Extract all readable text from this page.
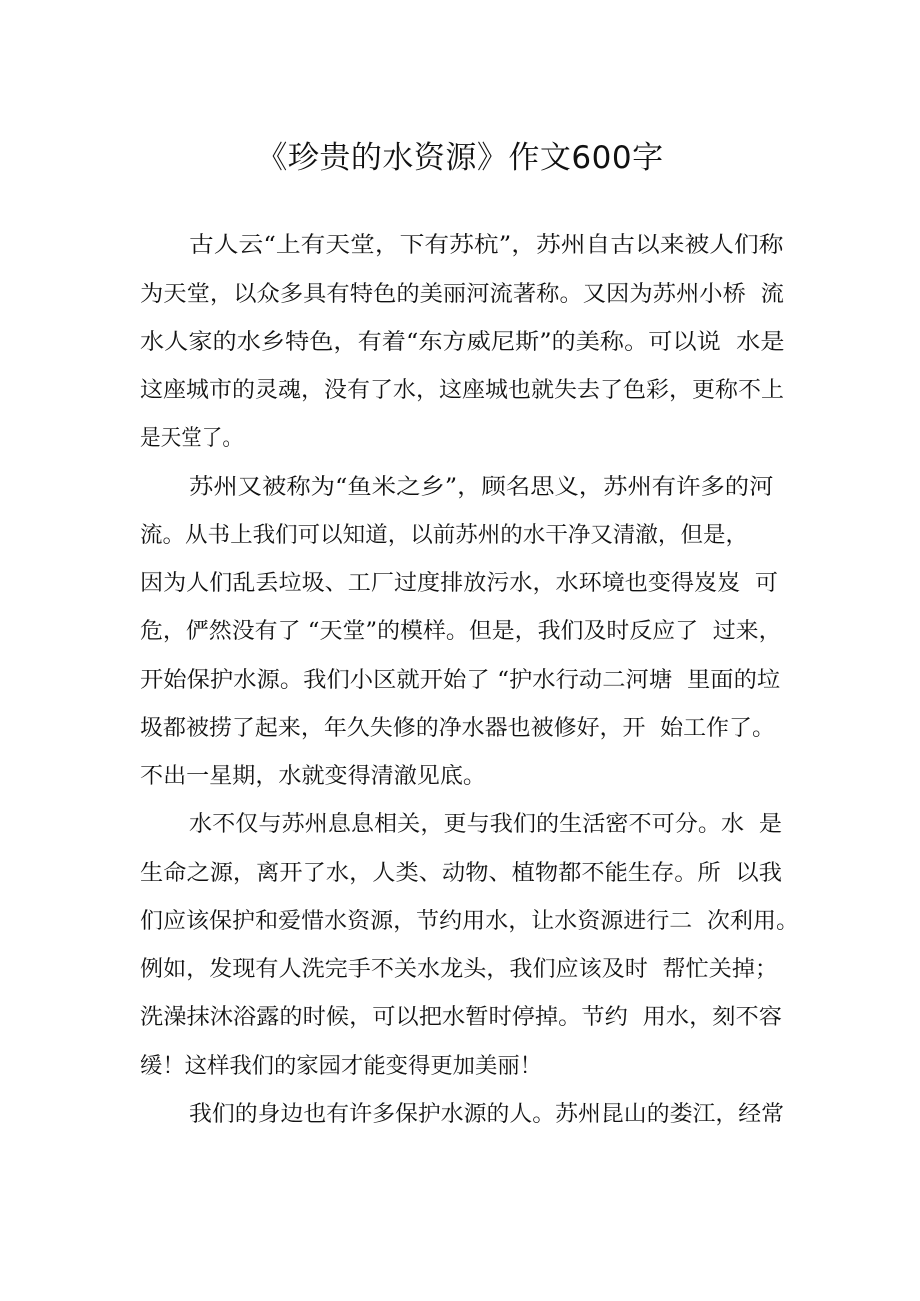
《珍贵的水资源》作文600字
古人云“上有天堂，下有苏杭”，苏州自古以来被人们称
为天堂，以众多具有特色的美丽河流著称。又因为苏州小桥  流
水人家的水乡特色，有着“东方威尼斯”的美称。可以说  水是
这座城市的灵魂，没有了水，这座城也就失去了色彩，更称不上
是天堂了。
苏州又被称为“鱼米之乡”，顾名思义，苏州有许多的河
流。从书上我们可以知道，以前苏州的水干净又清澈，但是，
因为人们乱丢垃圾、工厂过度排放污水，水环境也变得岌岌  可
危，俨然没有了 “天堂”的模样。但是，我们及时反应了  过来，
开始保护水源。我们小区就开始了 “护水行动二河塘  里面的垃
圾都被捞了起来，年久失修的净水器也被修好，开  始工作了。
不出一星期，水就变得清澈见底。
水不仅与苏州息息相关，更与我们的生活密不可分。水  是
生命之源，离开了水，人类、动物、植物都不能生存。所  以我
们应该保护和爱惜水资源，节约用水，让水资源进行二  次利用。
例如，发现有人洗完手不关水龙头，我们应该及时  帮忙关掉；
洗澡抹沐浴露的时候，可以把水暂时停掉。节约  用水，刻不容
缓！这样我们的家园才能变得更加美丽！
我们的身边也有许多保护水源的人。苏州昆山的娄江，经常
